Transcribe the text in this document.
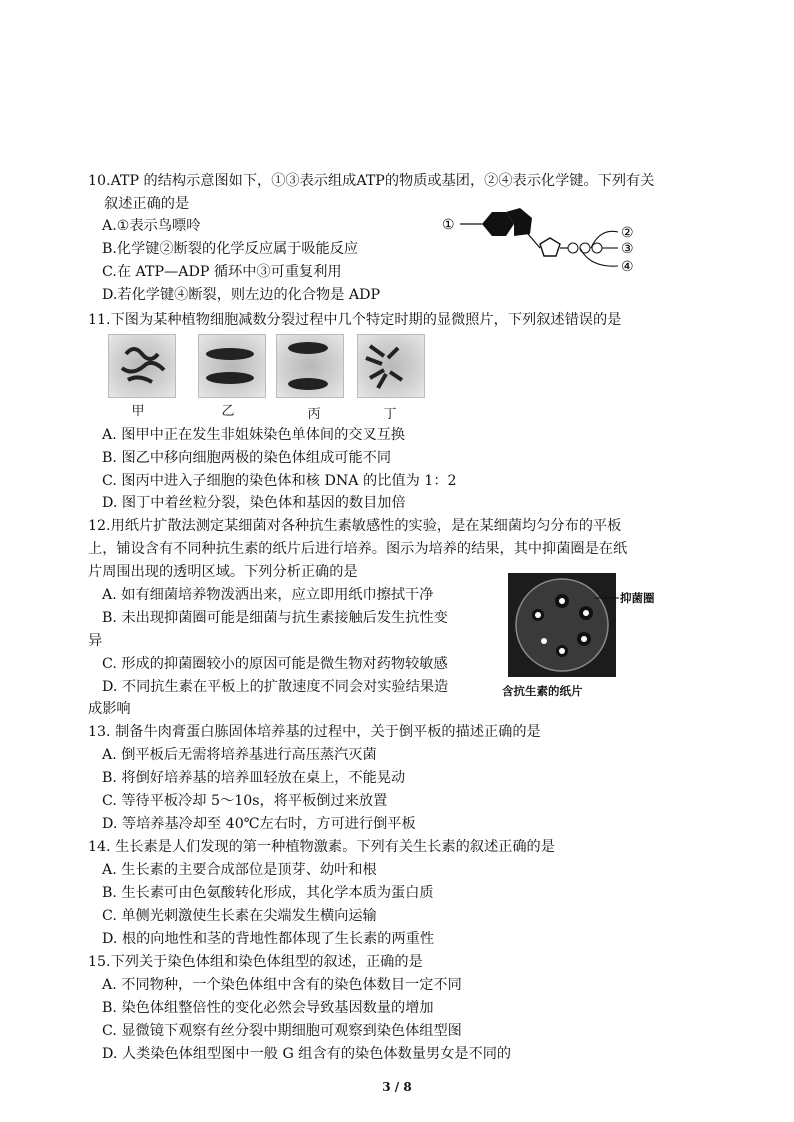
10.ATP 的结构示意图如下，①③表示组成ATP的物质或基团，②④表示化学键。下列有关
叙述正确的是
A.①表示鸟嘌呤
B.化学键②断裂的化学反应属于吸能反应
C.在 ATP—ADP 循环中③可重复利用
D.若化学键④断裂，则左边的化合物是 ADP
①	②
③
④
11.下图为某种植物细胞减数分裂过程中几个特定时期的显微照片，下列叙述错误的是
甲	乙	丙	丁
A. 图甲中正在发生非姐妹染色单体间的交叉互换
B. 图乙中移向细胞两极的染色体组成可能不同
C. 图丙中进入子细胞的染色体和核 DNA 的比值为 1：2
D. 图丁中着丝粒分裂，染色体和基因的数目加倍
12.用纸片扩散法测定某细菌对各种抗生素敏感性的实验，是在某细菌均匀分布的平板
上，铺设含有不同种抗生素的纸片后进行培养。图示为培养的结果，其中抑菌圈是在纸
片周围出现的透明区域。下列分析正确的是
A. 如有细菌培养物泼洒出来，应立即用纸巾擦拭干净
B. 未出现抑菌圈可能是细菌与抗生素接触后发生抗性变
异
C. 形成的抑菌圈较小的原因可能是微生物对药物较敏感
D. 不同抗生素在平板上的扩散速度不同会对实验结果造
成影响
抑菌圈
含抗生素的纸片
13. 制备牛肉膏蛋白胨固体培养基的过程中，关于倒平板的描述正确的是
A. 倒平板后无需将培养基进行高压蒸汽灭菌
B. 将倒好培养基的培养皿轻放在桌上，不能晃动
C. 等待平板冷却 5～10s，将平板倒过来放置
D. 等培养基冷却至 40℃左右时，方可进行倒平板
14. 生长素是人们发现的第一种植物激素。下列有关生长素的叙述正确的是
A. 生长素的主要合成部位是顶芽、幼叶和根
B. 生长素可由色氨酸转化形成，其化学本质为蛋白质
C. 单侧光刺激使生长素在尖端发生横向运输
D. 根的向地性和茎的背地性都体现了生长素的两重性
15.下列关于染色体组和染色体组型的叙述，正确的是
A. 不同物种，一个染色体组中含有的染色体数目一定不同
B. 染色体组整倍性的变化必然会导致基因数量的增加
C. 显微镜下观察有丝分裂中期细胞可观察到染色体组型图
D. 人类染色体组型图中一般 G 组含有的染色体数量男女是不同的
3 / 8
